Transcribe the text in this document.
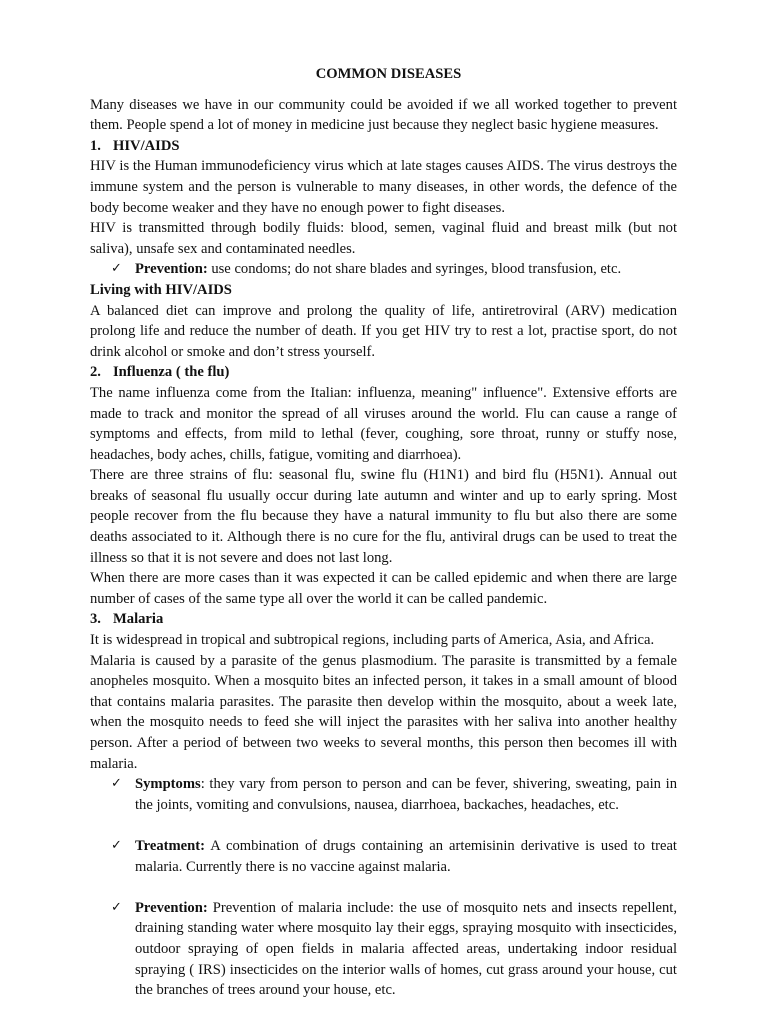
COMMON DISEASES

Many diseases we have in our community could be avoided if we all worked together to prevent them. People spend a lot of money in medicine just because they neglect basic hygiene measures.

1. HIV/AIDS

HIV is the Human immunodeficiency virus which at late stages causes AIDS. The virus destroys the immune system and the person is vulnerable to many diseases, in other words, the defence of the body become weaker and they have no enough power to fight diseases.

HIV is transmitted through bodily fluids: blood, semen, vaginal fluid and breast milk (but not saliva), unsafe sex and contaminated needles.

✓ Prevention: use condoms; do not share blades and syringes, blood transfusion, etc.
Living with HIV/AIDS

A balanced diet can improve and prolong the quality of life, antiretroviral (ARV) medication prolong life and reduce the number of death. If you get HIV try to rest a lot, practise sport, do not drink alcohol or smoke and don’t stress yourself.

2. Influenza ( the flu)

The name influenza come from the Italian: influenza, meaning" influence". Extensive efforts are made to track and monitor the spread of all viruses around the world. Flu can cause a range of symptoms and effects, from mild to lethal (fever, coughing, sore throat, runny or stuffy nose, headaches, body aches, chills, fatigue, vomiting and diarrhoea).

There are three strains of flu: seasonal flu, swine flu (H1N1) and bird flu (H5N1). Annual out breaks of seasonal flu usually occur during late autumn and winter and up to early spring. Most people recover from the flu because they have a natural immunity to flu but also there are some deaths associated to it. Although there is no cure for the flu, antiviral drugs can be used to treat the illness so that it is not severe and does not last long.

When there are more cases than it was expected it can be called epidemic and when there are large number of cases of the same type all over the world it can be called pandemic.

3. Malaria

It is widespread in tropical and subtropical regions, including parts of America, Asia, and Africa.

Malaria is caused by a parasite of the genus plasmodium. The parasite is transmitted by a female anopheles mosquito. When a mosquito bites an infected person, it takes in a small amount of blood that contains malaria parasites. The parasite then develop within the mosquito, about a week late, when the mosquito needs to feed she will inject the parasites with her saliva into another healthy person. After a period of between two weeks to several months, this person then becomes ill with malaria.

✓ Symptoms: they vary from person to person and can be fever, shivering, sweating, pain in the joints, vomiting and convulsions, nausea, diarrhoea, backaches, headaches, etc.
✓ Treatment: A combination of drugs containing an artemisinin derivative is used to treat malaria. Currently there is no vaccine against malaria.
✓ Prevention: Prevention of malaria include: the use of mosquito nets and insects repellent, draining standing water where mosquito lay their eggs, spraying mosquito with insecticides, outdoor spraying of open fields in malaria affected areas, undertaking indoor residual spraying ( IRS) insecticides on the interior walls of homes, cut grass around your house, cut the branches of trees around your house, etc.
